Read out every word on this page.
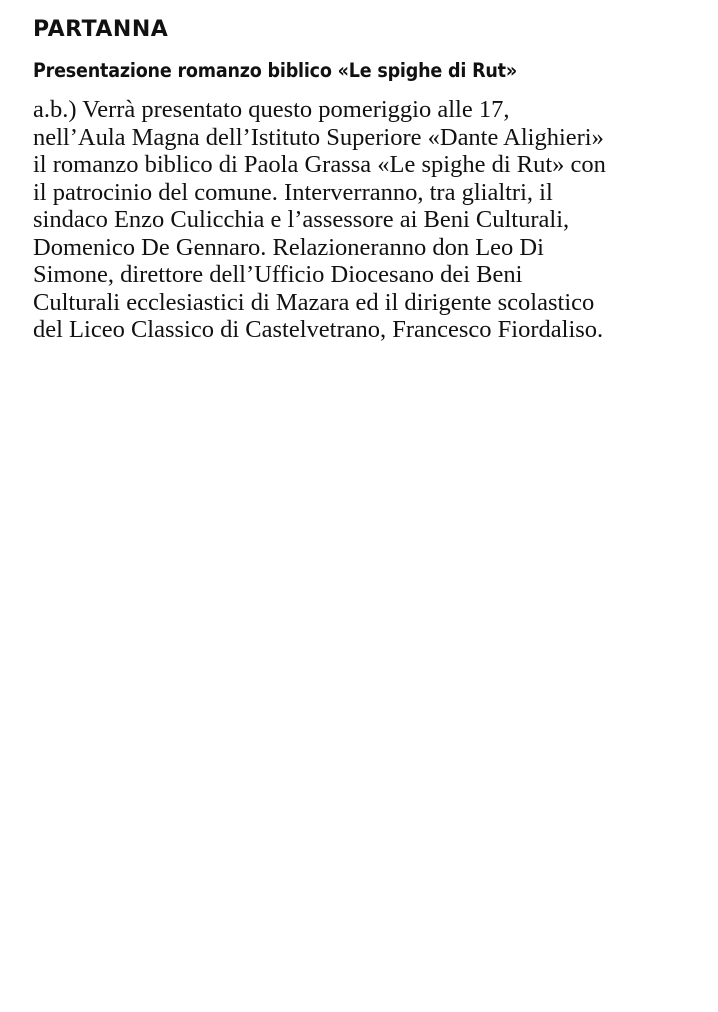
PARTANNA
Presentazione romanzo biblico «Le spighe di Rut»
a.b.) Verrà presentato questo pomeriggio alle 17,
nell’Aula Magna dell’Istituto Superiore «Dante Alighieri»
il romanzo biblico di Paola Grassa «Le spighe di Rut» con
il patrocinio del comune. Interverranno, tra glialtri, il
sindaco Enzo Culicchia e l’assessore ai Beni Culturali,
Domenico De Gennaro. Relazioneranno don Leo Di
Simone, direttore dell’Ufficio Diocesano dei Beni
Culturali ecclesiastici di Mazara ed il dirigente scolastico
del Liceo Classico di Castelvetrano, Francesco Fiordaliso.
